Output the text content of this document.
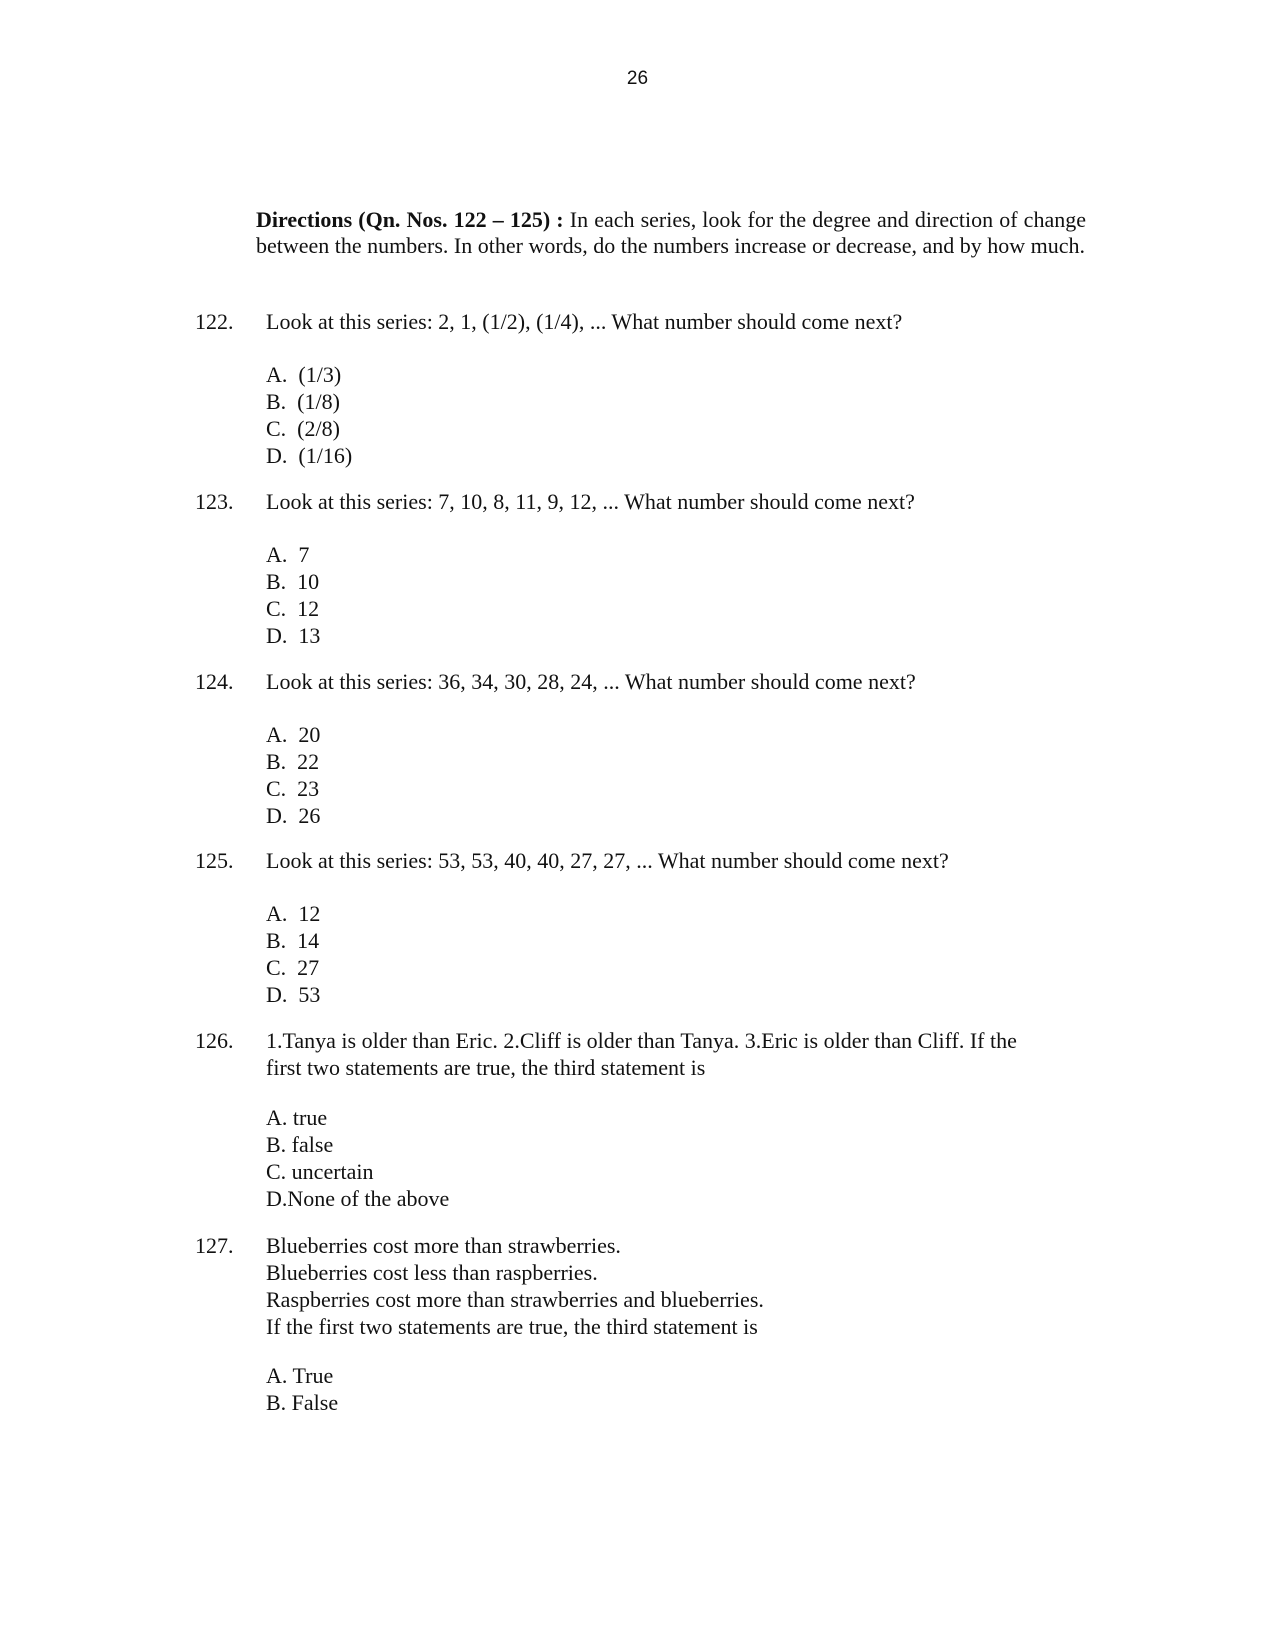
26
Directions (Qn. Nos. 122 – 125) : In each series, look for the degree and direction of change between the numbers. In other words, do the numbers increase or decrease, and by how much.
122.	Look at this series: 2, 1, (1/2), (1/4), ... What number should come next?
A.  (1/3)
B.  (1/8)
C.  (2/8)
D.  (1/16)
123.	Look at this series: 7, 10, 8, 11, 9, 12, ... What number should come next?
A.  7
B.  10
C.  12
D.  13
124.	Look at this series: 36, 34, 30, 28, 24, ... What number should come next?
A.  20
B.  22
C.  23
D.  26
125.	Look at this series: 53, 53, 40, 40, 27, 27, ... What number should come next?
A.  12
B.  14
C.  27
D.  53
126.	1.Tanya is older than Eric. 2.Cliff is older than Tanya. 3.Eric is older than Cliff. If the
first two statements are true, the third statement is
A. true
B. false
C. uncertain
D.None of the above
127.	Blueberries cost more than strawberries.
Blueberries cost less than raspberries.
Raspberries cost more than strawberries and blueberries.
If the first two statements are true, the third statement is
A. True
B. False
